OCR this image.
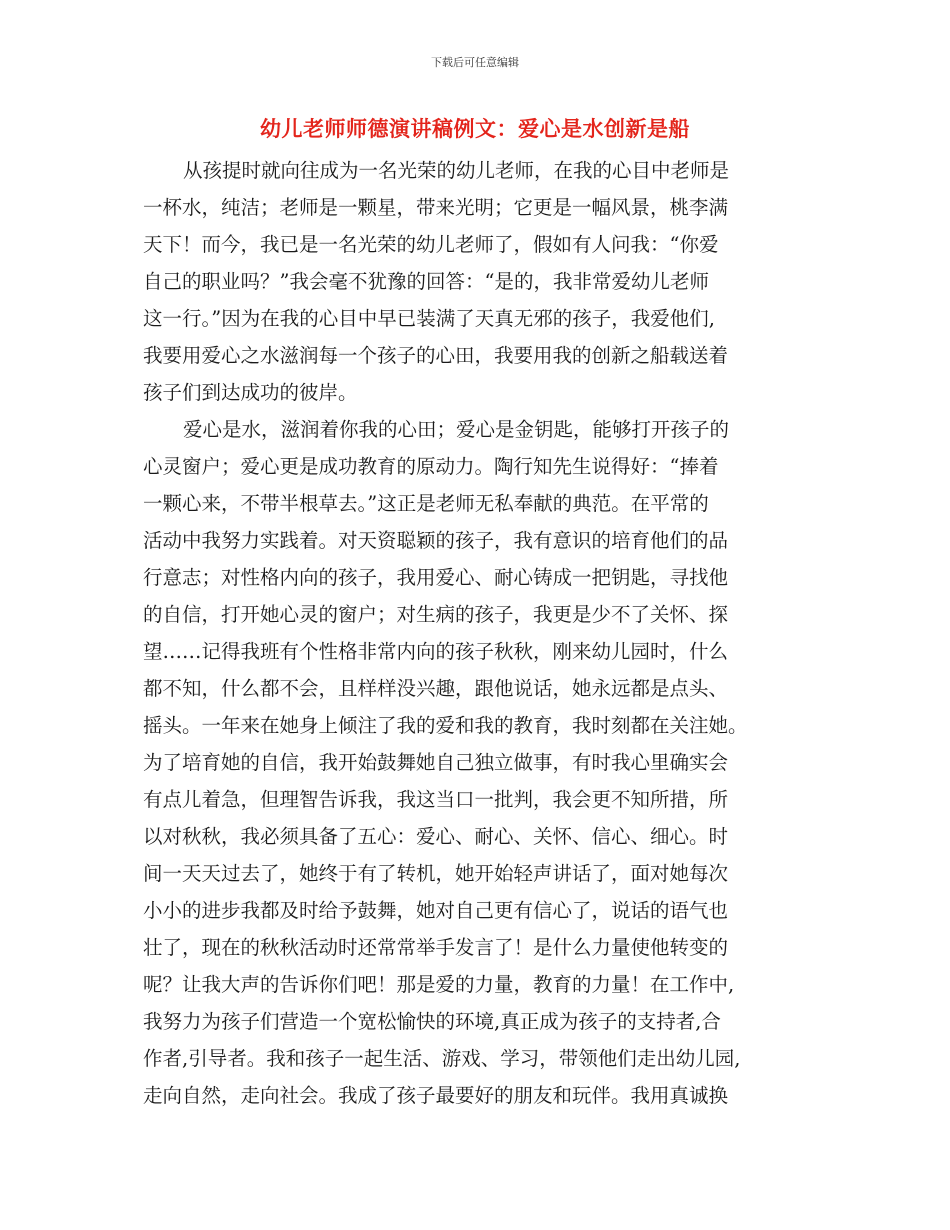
下载后可任意编辑
幼儿老师师德演讲稿例文：爱心是水创新是船
从孩提时就向往成为一名光荣的幼儿老师，在我的心目中老师是
一杯水，纯洁；老师是一颗星，带来光明；它更是一幅风景，桃李满
天下！而今，我已是一名光荣的幼儿老师了，假如有人问我：“你爱
自己的职业吗？”我会毫不犹豫的回答：“是的，我非常爱幼儿老师
这一行。”因为在我的心目中早已装满了天真无邪的孩子，我爱他们,
我要用爱心之水滋润每一个孩子的心田，我要用我的创新之船载送着
孩子们到达成功的彼岸。
爱心是水，滋润着你我的心田；爱心是金钥匙，能够打开孩子的
心灵窗户；爱心更是成功教育的原动力。陶行知先生说得好：“捧着
一颗心来，不带半根草去。”这正是老师无私奉献的典范。在平常的
活动中我努力实践着。对天资聪颖的孩子，我有意识的培育他们的品
行意志；对性格内向的孩子，我用爱心、耐心铸成一把钥匙，寻找他
的自信，打开她心灵的窗户；对生病的孩子，我更是少不了关怀、探
望……记得我班有个性格非常内向的孩子秋秋，刚来幼儿园时，什么
都不知，什么都不会，且样样没兴趣，跟他说话，她永远都是点头、
摇头。一年来在她身上倾注了我的爱和我的教育，我时刻都在关注她。
为了培育她的自信，我开始鼓舞她自己独立做事，有时我心里确实会
有点儿着急，但理智告诉我，我这当口一批判，我会更不知所措，所
以对秋秋，我必须具备了五心：爱心、耐心、关怀、信心、细心。时
间一天天过去了，她终于有了转机，她开始轻声讲话了，面对她每次
小小的进步我都及时给予鼓舞，她对自己更有信心了，说话的语气也
壮了，现在的秋秋活动时还常常举手发言了！是什么力量使他转变的
呢？让我大声的告诉你们吧！那是爱的力量，教育的力量！在工作中,
我努力为孩子们营造一个宽松愉快的环境,真正成为孩子的支持者,合
作者,引导者。我和孩子一起生活、游戏、学习，带领他们走出幼儿园,
走向自然，走向社会。我成了孩子最要好的朋友和玩伴。我用真诚换
